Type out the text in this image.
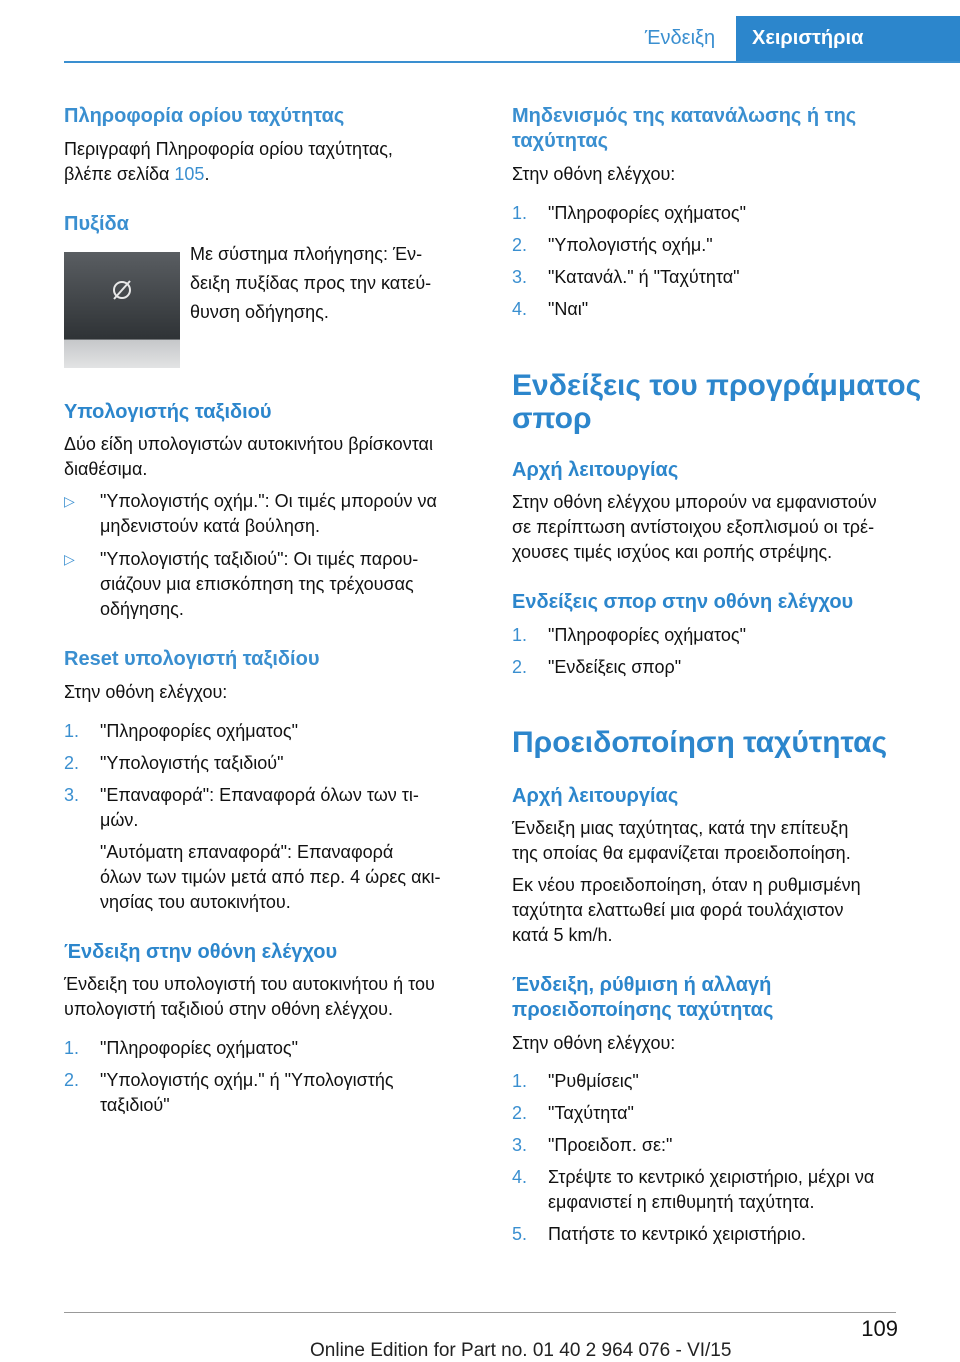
Ένδειξη	Χειριστήρια
Πληροφορία ορίου ταχύτητας

Περιγραφή Πληροφορία ορίου ταχύτητας,

βλέπε σελίδα 105.

Πυξίδα

Με σύστημα πλοήγησης: Έν-

δειξη πυξίδας προς την κατεύ-

θυνση οδήγησης.

Υπολογιστής ταξιδιού

Δύο είδη υπολογιστών αυτοκινήτου βρίσκονται

διαθέσιμα.

▷ "Υπολογιστής οχήμ.": Οι τιμές μπορούν να
μηδενιστούν κατά βούληση.
▷ "Υπολογιστής ταξιδιού": Οι τιμές παρου-
σιάζουν μια επισκόπηση της τρέχουσας
οδήγησης.
Reset υπολογιστή ταξιδίου

Στην οθόνη ελέγχου:

1. "Πληροφορίες οχήματος"
2. "Υπολογιστής ταξιδιού"
3. "Επαναφορά": Επαναφορά όλων των τι-
μών.
"Αυτόματη επαναφορά": Επαναφορά
όλων των τιμών μετά από περ. 4 ώρες ακι-
νησίας του αυτοκινήτου.
Ένδειξη στην οθόνη ελέγχου

Ένδειξη του υπολογιστή του αυτοκινήτου ή του

υπολογιστή ταξιδιού στην οθόνη ελέγχου.

1. "Πληροφορίες οχήματος"
2. "Υπολογιστής οχήμ." ή "Υπολογιστής
ταξιδιού"
Μηδενισμός της κατανάλωσης ή της
ταχύτητας

Στην οθόνη ελέγχου:

1. "Πληροφορίες οχήματος"
2. "Υπολογιστής οχήμ."
3. "Κατανάλ." ή "Ταχύτητα"
4. "Ναι"
Ενδείξεις του προγράμματος
σπορ
Αρχή λειτουργίας

Στην οθόνη ελέγχου μπορούν να εμφανιστούν

σε περίπτωση αντίστοιχου εξοπλισμού οι τρέ-

χουσες τιμές ισχύος και ροπής στρέψης.

Ενδείξεις σπορ στην οθόνη ελέγχου
1. "Πληροφορίες οχήματος"
2. "Ενδείξεις σπορ"
Προειδοποίηση ταχύτητας
Αρχή λειτουργίας

Ένδειξη μιας ταχύτητας, κατά την επίτευξη

της οποίας θα εμφανίζεται προειδοποίηση.

Εκ νέου προειδοποίηση, όταν η ρυθμισμένη

ταχύτητα ελαττωθεί μια φορά τουλάχιστον

κατά 5 km/h.

Ένδειξη, ρύθμιση ή αλλαγή
προειδοποίησης ταχύτητας

Στην οθόνη ελέγχου:

1. "Ρυθμίσεις"
2. "Ταχύτητα"
3. "Προειδοπ. σε:"
4. Στρέψτε το κεντρικό χειριστήριο, μέχρι να
εμφανιστεί η επιθυμητή ταχύτητα.
5. Πατήστε το κεντρικό χειριστήριο.
109
Online Edition for Part no. 01 40 2 964 076 - VI/15
